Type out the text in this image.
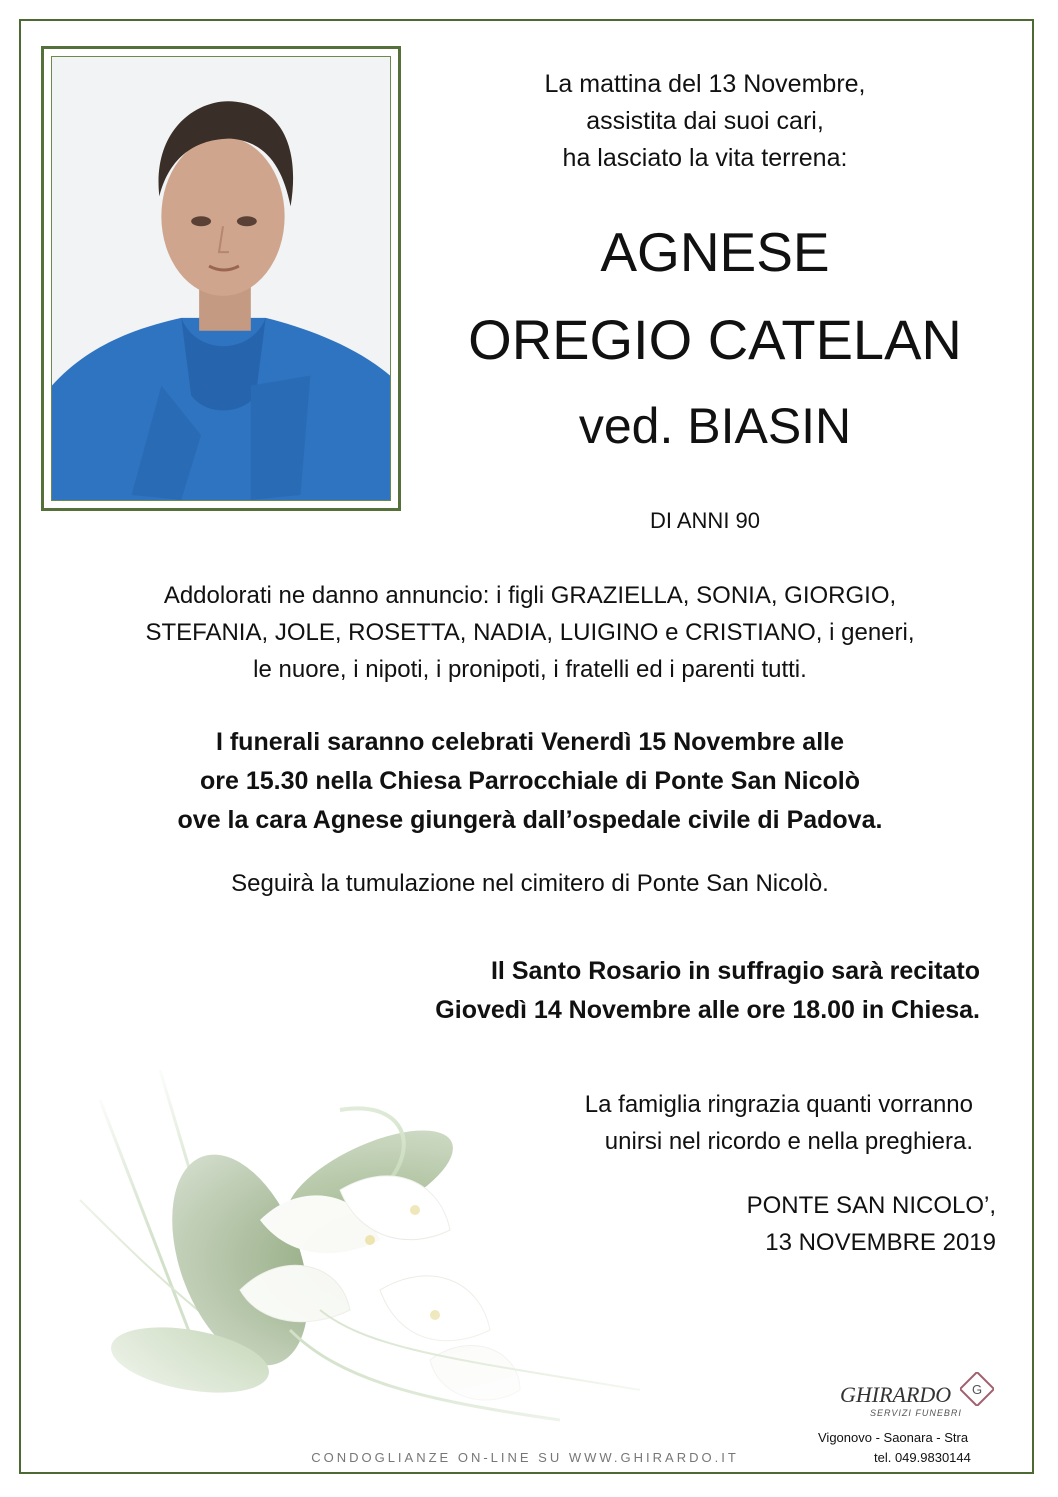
La mattina del 13 Novembre,
assistita dai suoi cari,
ha lasciato la vita terrena:
AGNESE
OREGIO CATELAN
ved. BIASIN
DI ANNI 90
Addolorati ne danno annuncio: i figli GRAZIELLA, SONIA, GIORGIO,
STEFANIA, JOLE, ROSETTA, NADIA, LUIGINO e CRISTIANO, i generi,
le nuore, i nipoti, i pronipoti, i fratelli ed i parenti tutti.
I funerali saranno celebrati Venerdì 15 Novembre alle
ore 15.30 nella Chiesa Parrocchiale di Ponte San Nicolò
ove la cara Agnese giungerà dall’ospedale civile di Padova.
Seguirà la tumulazione nel cimitero di Ponte San Nicolò.
Il Santo Rosario in suffragio sarà recitato
Giovedì 14 Novembre alle ore 18.00 in Chiesa.
La famiglia ringrazia quanti vorranno
unirsi nel ricordo e nella preghiera.
PONTE SAN NICOLO’,
13 NOVEMBRE 2019
GHIRARDO G
SERVIZI FUNEBRI
Vigonovo - Saonara - Stra
tel. 049.9830144
CONDOGLIANZE ON-LINE SU WWW.GHIRARDO.IT
